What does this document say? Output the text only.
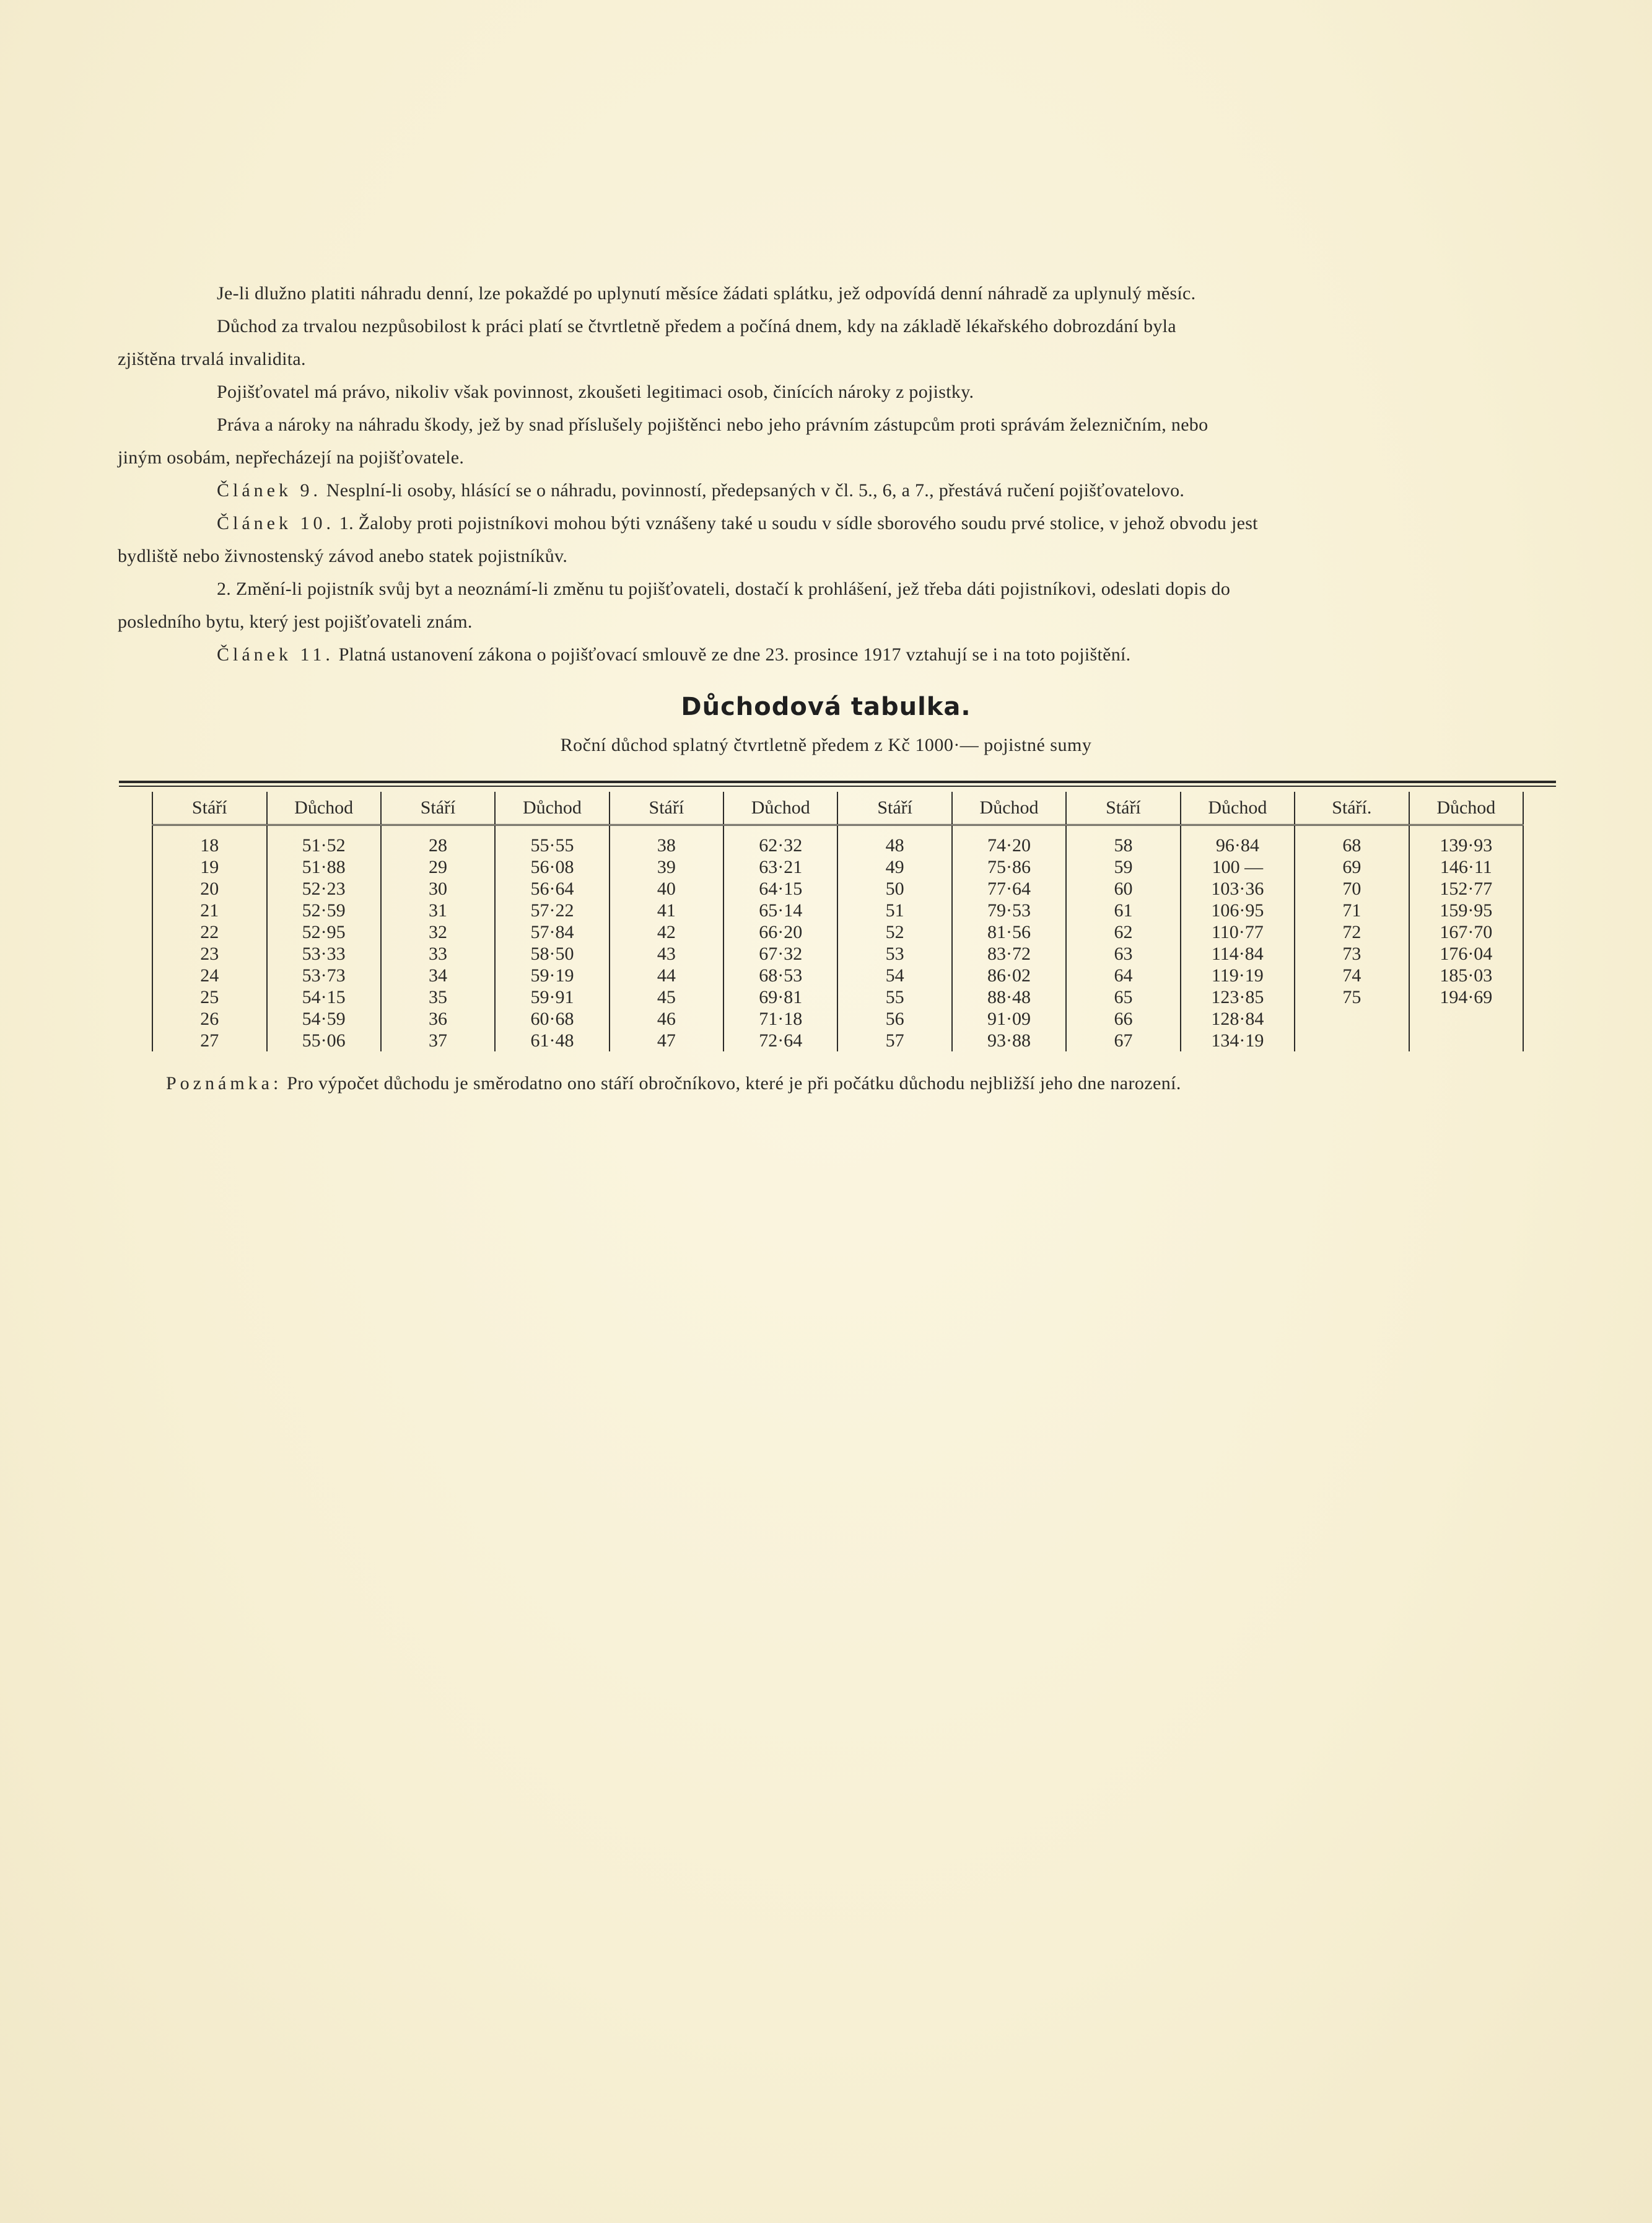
Je-li dlužno platiti náhradu denní, lze pokaždé po uplynutí měsíce žádati splátku, jež odpovídá denní náhradě za uplynulý měsíc.
Důchod za trvalou nezpůsobilost k práci platí se čtvrtletně předem a počíná dnem, kdy na základě lékařského dobrozdání byla
zjištěna trvalá invalidita.
Pojišťovatel má právo, nikoliv však povinnost, zkoušeti legitimaci osob, činících nároky z pojistky.
Práva a nároky na náhradu škody, jež by snad příslušely pojištěnci nebo jeho právním zástupcům proti správám železničním, nebo
jiným osobám, nepřecházejí na pojišťovatele.
Článek 9. Nesplní-li osoby, hlásící se o náhradu, povinností, předepsaných v čl. 5., 6, a 7., přestává ručení pojišťovatelovo.
Článek 10. 1. Žaloby proti pojistníkovi mohou býti vznášeny také u soudu v sídle sborového soudu prvé stolice, v jehož obvodu jest
bydliště nebo živnostenský závod anebo statek pojistníkův.
2. Změní-li pojistník svůj byt a neoznámí-li změnu tu pojišťovateli, dostačí k prohlášení, jež třeba dáti pojistníkovi, odeslati dopis do
posledního bytu, který jest pojišťovateli znám.
Článek 11. Platná ustanovení zákona o pojišťovací smlouvě ze dne 23. prosince 1917 vztahují se i na toto pojištění.
Důchodová tabulka.
Roční důchod splatný čtvrtletně předem z Kč 1000·— pojistné sumy
Stáří	Důchod	Stáří	Důchod	Stáří	Důchod	Stáří	Důchod	Stáří	Důchod	Stáří.	Důchod

18	51·52	28	55·55	38	62·32	48	74·20	58	96·84	68	139·93
19	51·88	29	56·08	39	63·21	49	75·86	59	100 —	69	146·11
20	52·23	30	56·64	40	64·15	50	77·64	60	103·36	70	152·77
21	52·59	31	57·22	41	65·14	51	79·53	61	106·95	71	159·95
22	52·95	32	57·84	42	66·20	52	81·56	62	110·77	72	167·70
23	53·33	33	58·50	43	67·32	53	83·72	63	114·84	73	176·04
24	53·73	34	59·19	44	68·53	54	86·02	64	119·19	74	185·03
25	54·15	35	59·91	45	69·81	55	88·48	65	123·85	75	194·69
26	54·59	36	60·68	46	71·18	56	91·09	66	128·84		
27	55·06	37	61·48	47	72·64	57	93·88	67	134·19		
Poznámka: Pro výpočet důchodu je směrodatno ono stáří obročníkovo, které je při počátku důchodu nejbližší jeho dne narození.
